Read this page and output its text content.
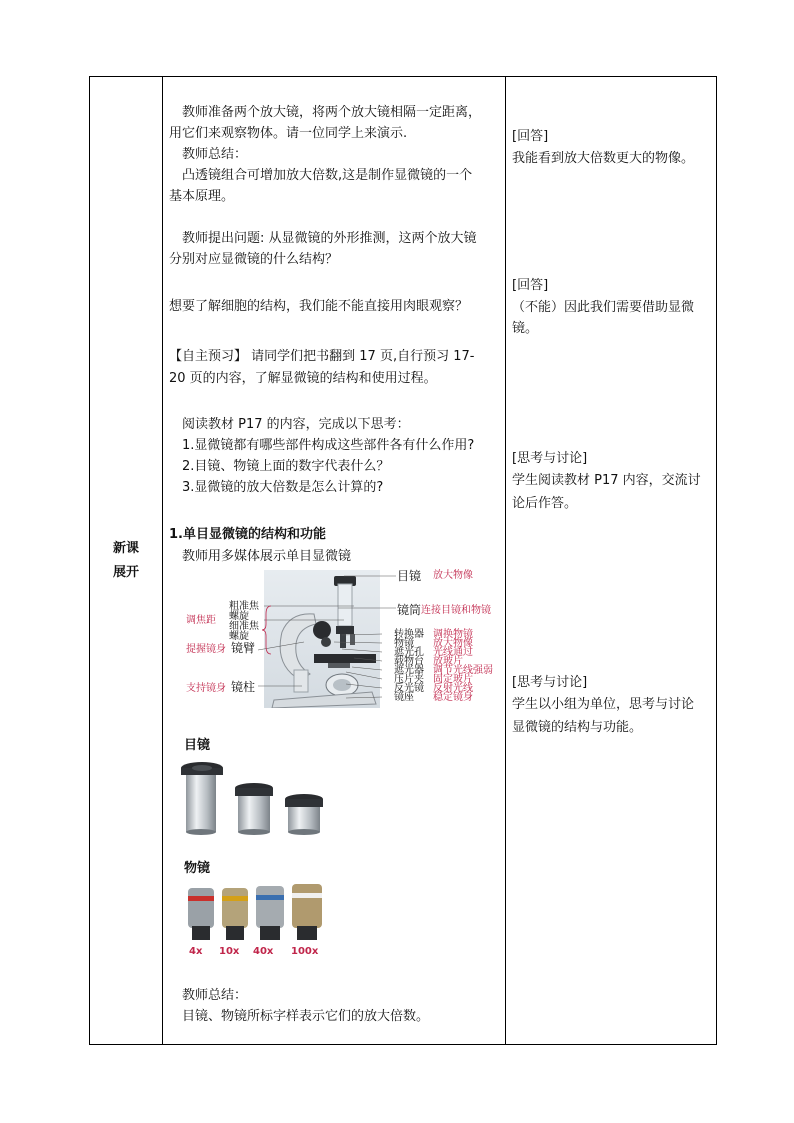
新课
展开
教师准备两个放大镜，将两个放大镜相隔一定距离，
用它们来观察物体。请一位同学上来演示.
教师总结：
凸透镜组合可增加放大倍数,这是制作显微镜的一个
基本原理。
教师提出问题: 从显微镜的外形推测，这两个放大镜
分别对应显微镜的什么结构？
想要了解细胞的结构，我们能不能直接用肉眼观察？
【自主预习】 请同学们把书翻到 17 页,自行预习 17-
20 页的内容，了解显微镜的结构和使用过程。
阅读教材 P17 的内容，完成以下思考：
1.显微镜都有哪些部件构成这些部件各有什么作用?
2.目镜、物镜上面的数字代表什么？
3.显微镜的放大倍数是怎么计算的?
1.单目显微镜的结构和功能
教师用多媒体展示单目显微镜
粗准焦
螺旋
细准焦
螺旋
调焦距
提握镜身 镜臂
支持镜身 镜柱
目镜 放大物像
镜筒 连接目镜和物镜
转换器
物镜
遮光孔
载物台
遮光器
压片夹
反光镜
镜座
调换物镜
放大物像
光线通过
放玻片
调节光线强弱
固定玻片
反射光线
稳定镜身
目镜
物镜
4x 10x 40x 100x
教师总结：
目镜、物镜所标字样表示它们的放大倍数。
[回答]
我能看到放大倍数更大的物像。
[回答]
（不能）因此我们需要借助显微
镜。
[思考与讨论]
学生阅读教材 P17 内容，交流讨
论后作答。
[思考与讨论]
学生以小组为单位，思考与讨论
显微镜的结构与功能。
